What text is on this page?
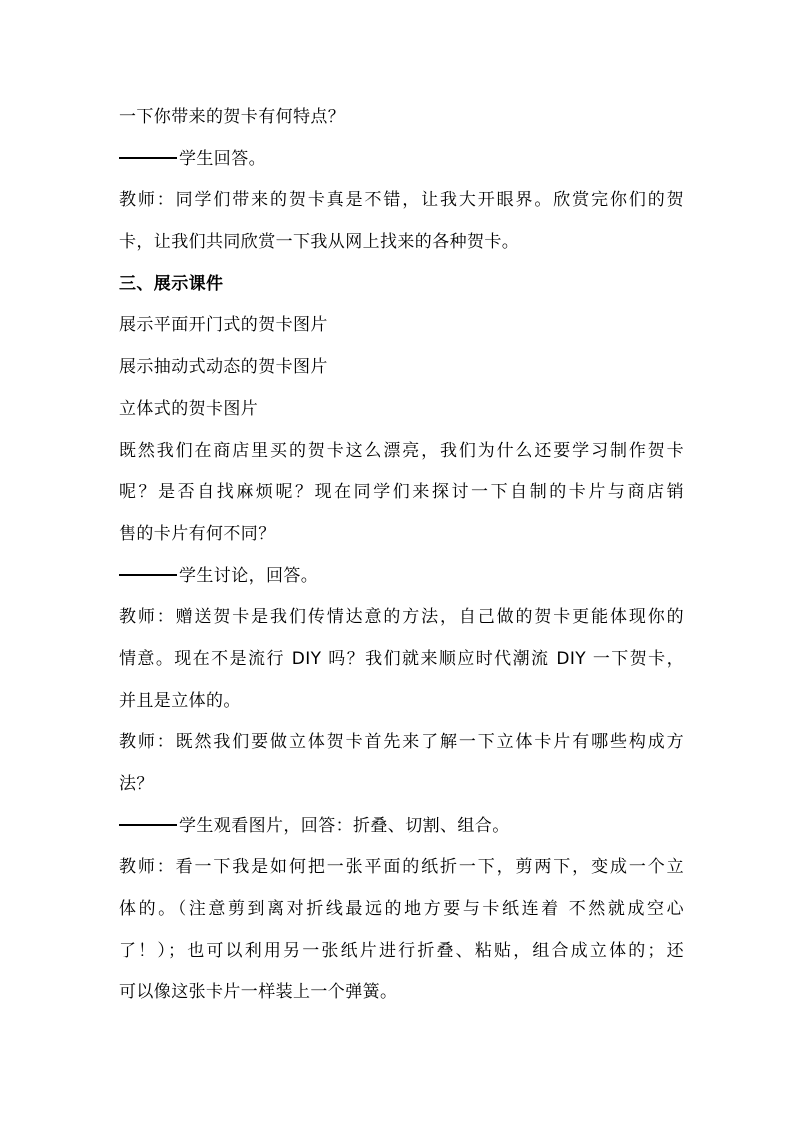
一下你带来的贺卡有何特点？
学生回答。
教师：同学们带来的贺卡真是不错，让我大开眼界。欣赏完你们的贺
卡，让我们共同欣赏一下我从网上找来的各种贺卡。
三、展示课件
展示平面开门式的贺卡图片
展示抽动式动态的贺卡图片
立体式的贺卡图片
既然我们在商店里买的贺卡这么漂亮，我们为什么还要学习制作贺卡
呢？是否自找麻烦呢？现在同学们来探讨一下自制的卡片与商店销
售的卡片有何不同？
学生讨论，回答。
教师：赠送贺卡是我们传情达意的方法，自己做的贺卡更能体现你的
情意。现在不是流行 DIY 吗？我们就来顺应时代潮流 DIY 一下贺卡，
并且是立体的。
教师：既然我们要做立体贺卡首先来了解一下立体卡片有哪些构成方
法？
学生观看图片，回答：折叠、切割、组合。
教师：看一下我是如何把一张平面的纸折一下，剪两下，变成一个立
体的。（注意剪到离对折线最远的地方要与卡纸连着 不然就成空心
了！）；也可以利用另一张纸片进行折叠、粘贴，组合成立体的；还
可以像这张卡片一样装上一个弹簧。
